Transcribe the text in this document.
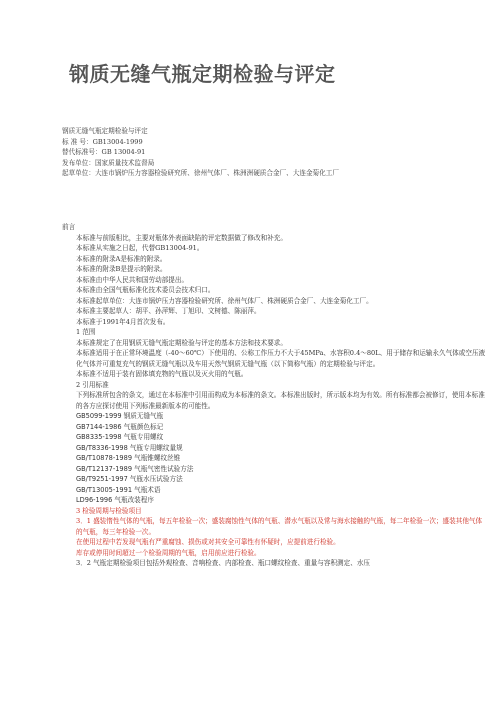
钢质无缝气瓶定期检验与评定
钢质无缝气瓶定期检验与评定
标 准 号：GB13004-1999
替代标准号：GB 13004-91
发布单位：国家质量技术监督局
起草单位：大连市锅炉压力容器检验研究所、徐州气体厂、株洲洲硬质合金厂、大连金菊化工厂
前言
本标准与前版相比，主要对瓶体外表面缺陷的评定数据做了修改和补充。
本标准从实施之日起，代替GB13004-91。
本标准的附录A是标准的附录。
本标准的附录B是提示的附录。
本标准由中华人民共和国劳动部提出。
本标准由全国气瓶标准化技术委员会技术归口。
本标准起草单位：大连市锅炉压力容器检验研究所、徐州气体厂、株洲硬质合金厂、大连金菊化工厂。
本标准主要起草人：胡平、孙萍辉、丁旭印、文树德、陈丽萍。
本标准于1991年4月首次发布。
1 范围
本标准规定了在用钢质无缝气瓶定期检验与评定的基本方法和技术要求。
本标准适用于在正常环境温度（-40～60℃）下使用的、公称工作压力不大于45MPa、水容积0.4～80L、用于储存和运输永久气体或空压液化气体并可重复充气的钢质无缝气瓶以及车用天然气钢质无缝气瓶（以下简称气瓶）的定期检验与评定。
本标准不适用于装有固体填充物的气瓶以及灭火用的气瓶。
2 引用标准
下列标准所包含的条文，通过在本标准中引用而构成为本标准的条文。本标准出版时，所示版本均为有效。所有标准都会被修订，使用本标准的各方应探讨使用下列标准最新版本的可能性。
GB5099-1999 钢质无缝气瓶
GB7144-1986 气瓶颜色标记
GB8335-1998 气瓶专用螺纹
GB/T8336-1998 气瓶专用螺纹量规
GB/T10878-1989 气瓶锥螺纹丝锥
GB/T12137-1989 气瓶气密性试验方法
GB/T9251-1997 气瓶水压试验方法
GB/T13005-1991 气瓶术语
LD96-1996 气瓶改装程序
3 检验周期与检验项目
3．1 盛装惰性气体的气瓶，每五年检验一次；盛装腐蚀性气体的气瓶、潜水气瓶以及常与海水接触的气瓶，每二年检验一次；盛装其他气体的气瓶，每三年检验一次。
在使用过程中若发现气瓶有严重腐蚀、损伤或对其安全可靠性有怀疑时，应提前进行检验。
库存或停用时间超过一个检验周期的气瓶，启用前应进行检验。
3．2 气瓶定期检验项目包括外观检查、音响检查、内部检查、瓶口螺纹检查、重量与容积测定、水压
